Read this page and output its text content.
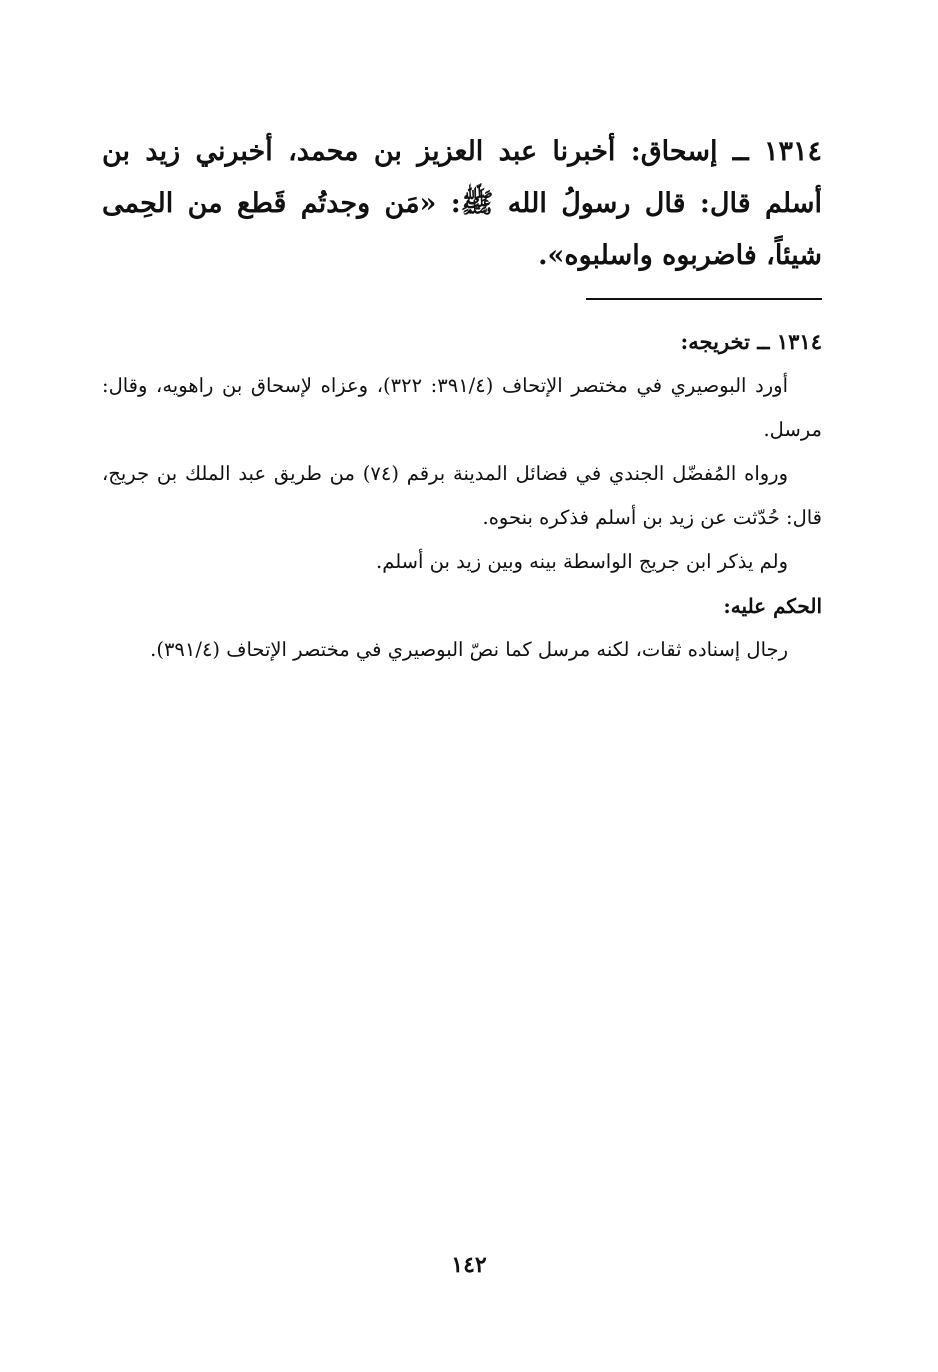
١٣١٤ ــ إسحاق: أخبرنا عبد العزيز بن محمد، أخبرني زيد بن أسلم قال: قال رسولُ الله ﷺ: «مَن وجدتُم قَطع من الحِمى شيئاً، فاضربوه واسلبوه».

١٣١٤ ــ تخريجه:

أورد البوصيري في مختصر الإتحاف (٣٩١/٤: ٣٢٢)، وعزاه لإسحاق بن راهويه، وقال: مرسل.

ورواه المُفضّل الجندي في فضائل المدينة برقم (٧٤) من طريق عبد الملك بن جريج، قال: حُدّثت عن زيد بن أسلم فذكره بنحوه.

ولم يذكر ابن جريج الواسطة بينه وبين زيد بن أسلم.

الحكم عليه:

رجال إسناده ثقات، لكنه مرسل كما نصّ البوصيري في مختصر الإتحاف (٣٩١/٤).

١٤٢
